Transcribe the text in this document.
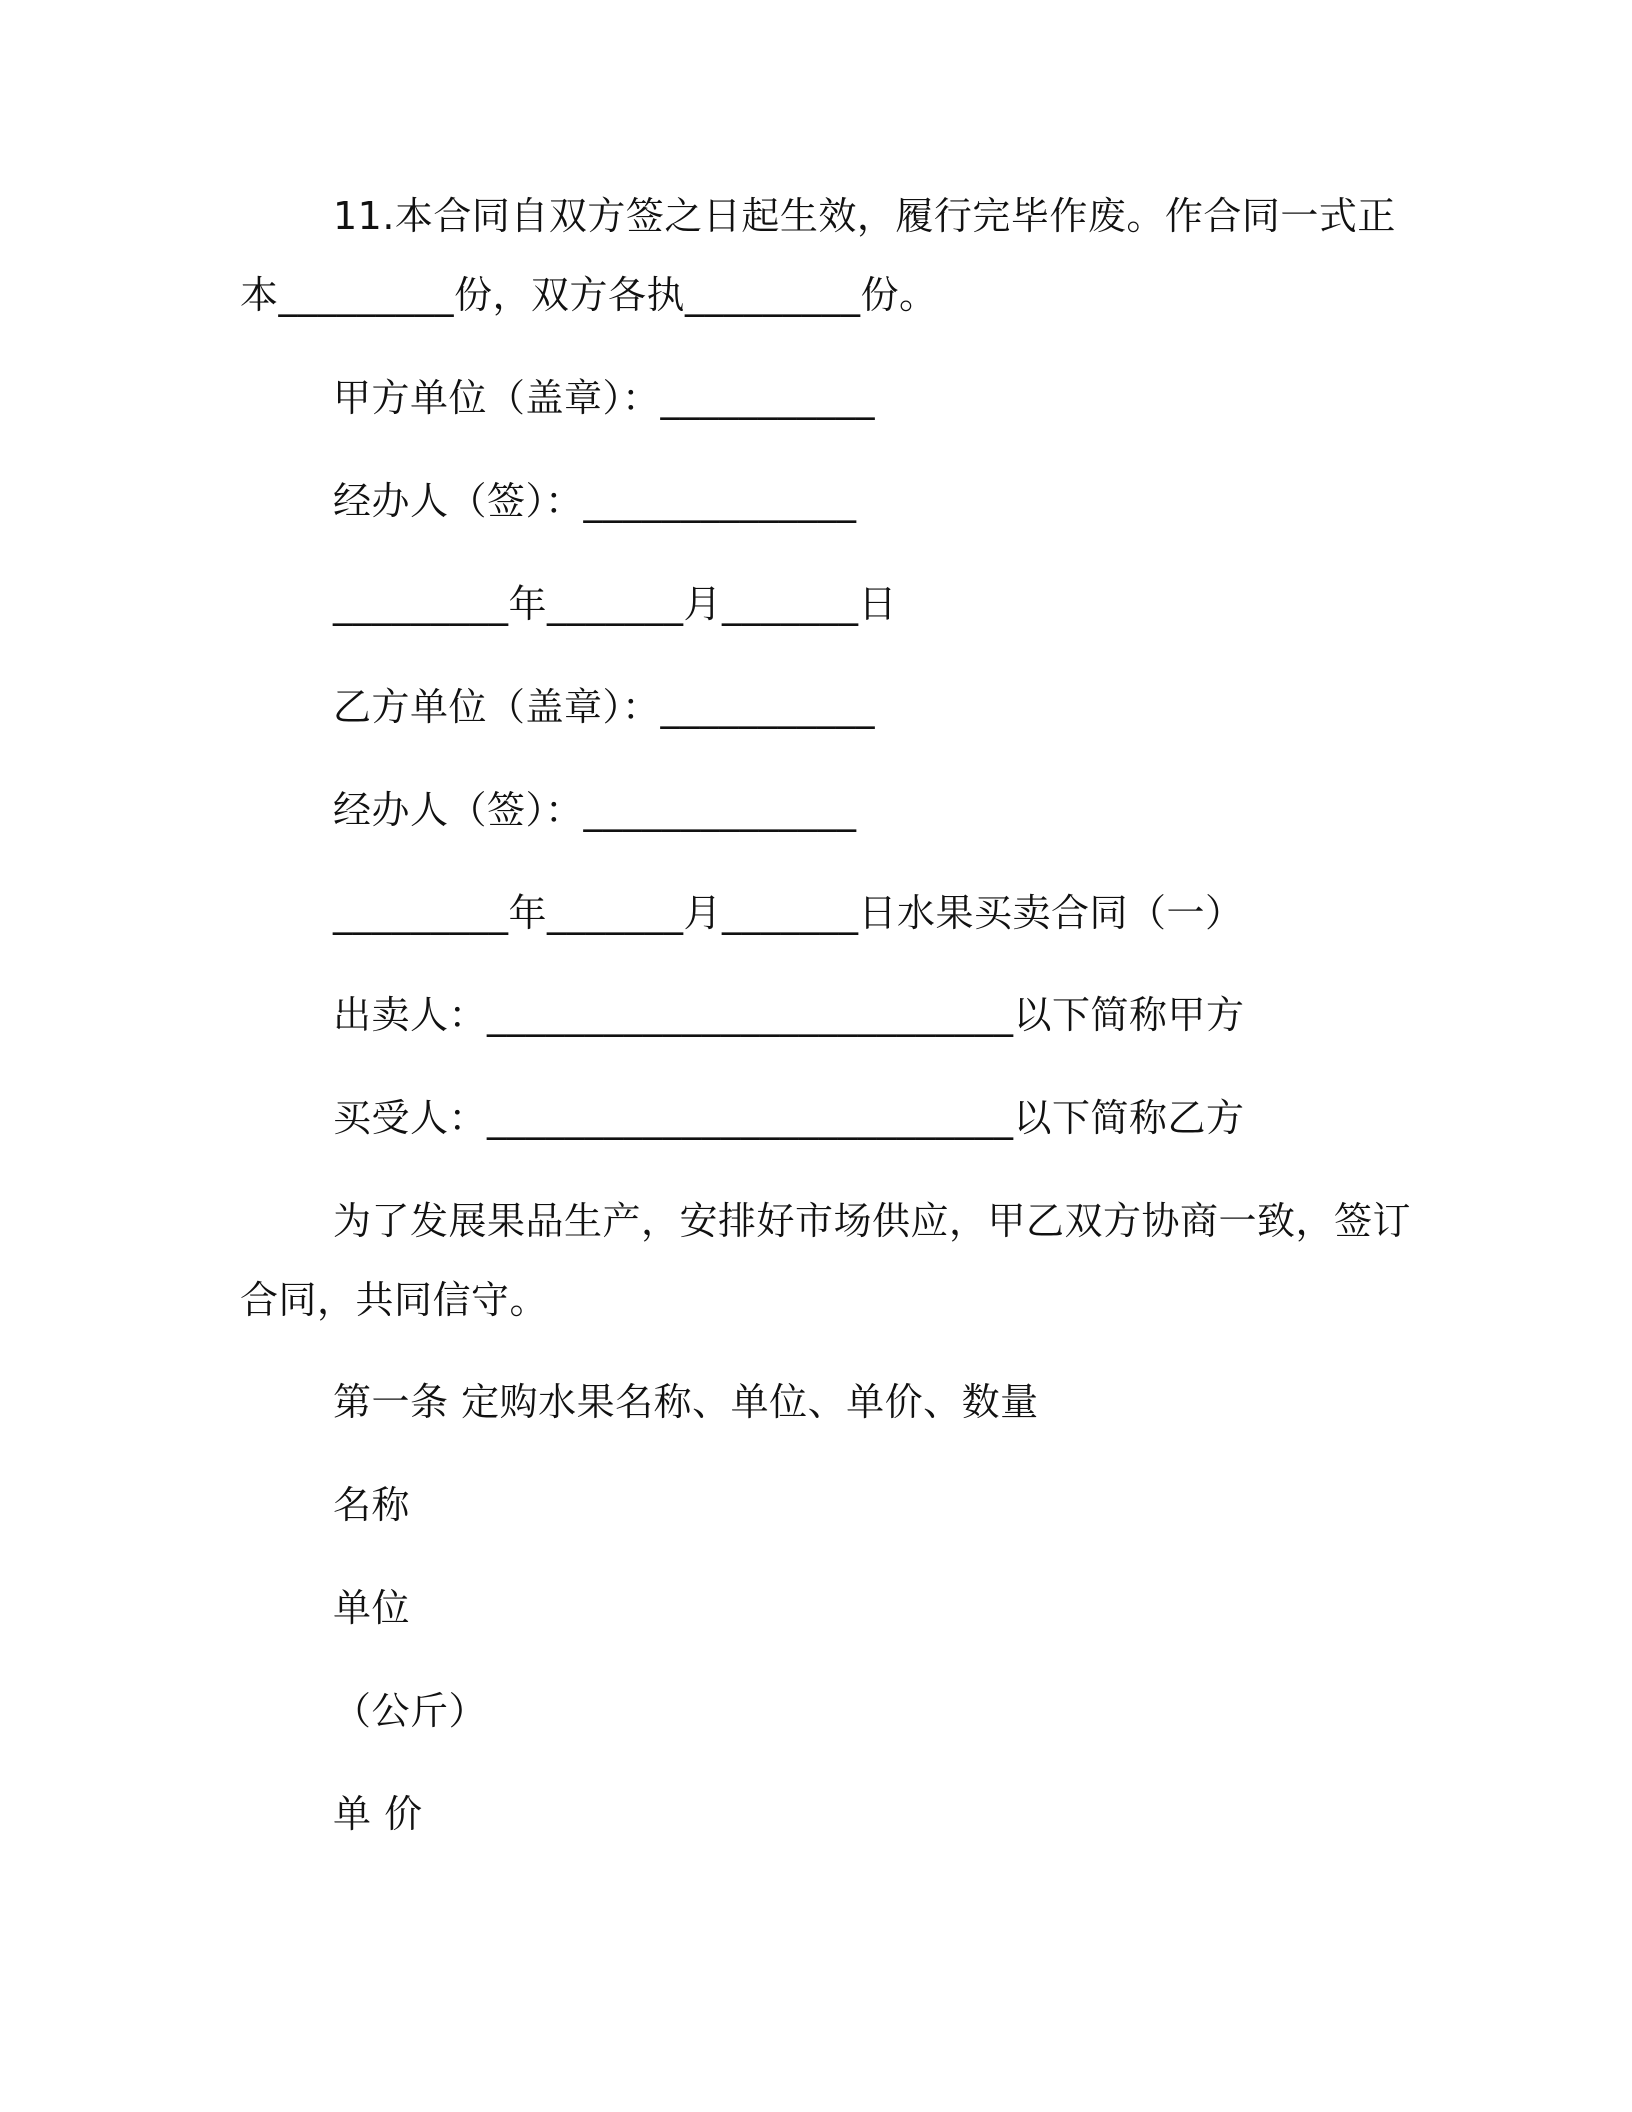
11.本合同自双方签之日起生效，履行完毕作废。作合同一式正
本_________份，双方各执_________份。
甲方单位（盖章）：___________
经办人（签）：______________
_________年_______月_______日
乙方单位（盖章）：___________
经办人（签）：______________
_________年_______月_______日水果买卖合同（一）
出卖人：___________________________以下简称甲方
买受人：___________________________以下简称乙方
为了发展果品生产，安排好市场供应，甲乙双方协商一致，签订
合同，共同信守。
第一条 定购水果名称、单位、单价、数量
名称
单位
（公斤）
单 价
